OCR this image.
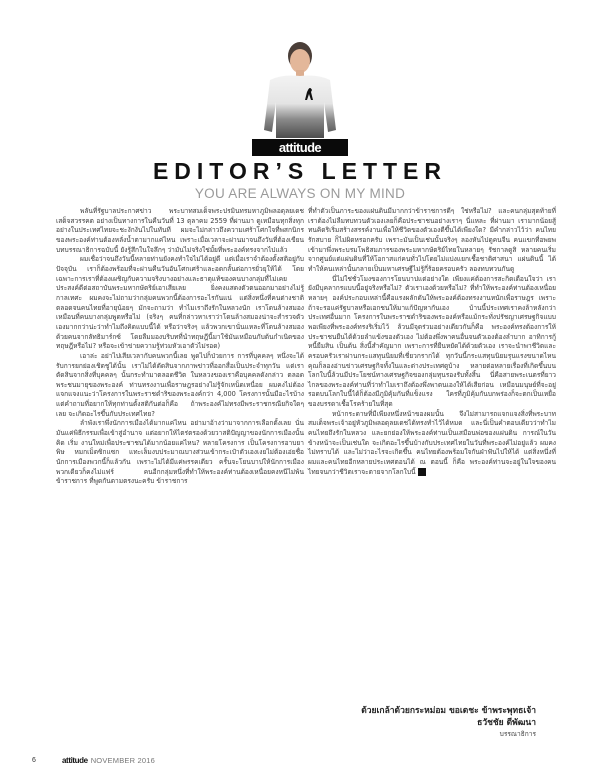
attitude
EDITOR’S LETTER
YOU ARE ALWAYS ON MY MIND

พลันที่รัฐบาลประกาศข่าว พระบาทสมเด็จพระปรมินทรมหาภูมิพลอดุลยเดช เสด็จสวรรคต อย่างเป็นทางการในคืนวันที่ 13 ตุลาคม 2559 ที่ผ่านมา ดูเหมือนทุกสิ่งทุกอย่างในประเทศไทยจะชะงักงันไปในทันที ผมจะไม่กล่าวถึงความเศร้าโศกใจที่พสกนิกรของพระองค์ท่านต้องหลั่งน้ำตามากแค่ไหน เพราะเมื่อเวลาจะผ่านมาจนถึงวันที่ต้องเขียนบทบรรณาธิการฉบับนี้ ยังรู้สึกในใจลึกๆ ว่ามันไม่จริงใช่มั้ยที่พระองค์ทรงจากไปแล้ว

ผมเชื่อว่าจนถึงวันนี้หลายท่านยังคงทำใจไม่ได้อยู่ดี แต่เมื่อเราจำต้องตั้งสติอยู่กับปัจจุบัน เราก็ต้องพร้อมที่จะผ่านคืนวันอันโศกเศร้าและอดกลั้นต่อการยั่วยุให้ได้ โดยเฉพาะการเราที่ต้องเผชิญกับความจริงบางอย่างและธาตุแท้ของคนบางกลุ่มที่ไม่เคยประสงค์ดีต่อสถาบันพระมหากษัตริย์เอาเสียเลย ยิ่งคงแสดงตัวตนออกมาอย่างไม่รู้กาลเทศะ ผมคงจะไม่ถามว่ากลุ่มคนพวกนี้ต้องการอะไรกันแน่ แต่สิ่งหนึ่งที่คนต่างชาติ ตลอดจนคนไทยที่อายุน้อยๆ มักจะถามว่า ทำไมเราถึงรักในหลวงนัก เราโดนล้างสมองเหมือนที่คนบางกลุ่มพูดหรือไม่ (จริงๆ คนที่กล่าวหาเราว่าโดนล้างสมองน่าจะสำรวจตัวเองมากกว่าน่ะว่าทำไมถึงคิดแบบนี้ได้ หรือว่าจริงๆ แล้วพวกเขานั่นแหละที่โดนล้างสมองด้วยคนจากลัทธิมาร์กซ์ โดยลืมมองบริบทที่นำทฤษฎีนี้มาใช้มันเหมือนกับต้นกำเนิดของทฤษฎีหรือไม่? หรือจะเข้าข่ายความรู้ท่วมหัวเอาตัวไม่รอด)

เอาล่ะ อย่าไปเสียเวลากับคนพวกนี้เลย พูดไปก็ป่วยการ การที่บุคคลๆ หนึ่งจะได้รับการยกย่องเชิดชูได้นั้น เราไม่ได้ตัดสินจากภาพข่าวที่ออกสื่อเป็นประจำทุกวัน แต่เราตัดสินจากสิ่งที่บุคคลๆ นั้นกระทำมาตลอดชีวิต ในหลวงของเราคือบุคคลดังกล่าว ตลอดพระชนมายุของพระองค์ ท่านทรงงานเพื่อราษฎรอย่างไม่รู้จักเหน็ดเหนื่อย ผมคงไม่ต้องแจกแจงแนะว่าโครงการในพระราชดำริของพระองค์กว่า 4,000 โครงการนั้นมีอะไรบ้าง แต่คำถามที่อยากให้ทุกท่านตั้งสติกันต่อก็คือ ถ้าพระองค์ไม่ทรงมีพระราชกรณียกิจใดๆ เลย จะเกิดอะไรขึ้นกับประเทศไทย?

ลำพังเราพึ่งนักการเมืองได้มากแค่ไหน อย่ามาอ้างว่ามาจากการเลือกตั้งเลย นั่นมันแค่พิธีกรรมเพื่อเข้าสู่อำนาจ แต่อยากให้ไตร่ตรองด้วยวาสติปัญญาของนักการเมืองนั้น คิด เริ่ม งานใหม่เพื่อประชาชนได้มากน้อยแค่ไหน? หลายโครงการ เป็นโครงการอาบยาพิษ หมกเม็ดซิกแซก แทะเล็มงบประมาณบางส่วนเข้ากระเป๋าตัวเองเงยไม่ต้องเอ่ยชื่อนักการเมืองพวกนี้ก็แล้วกัน เพราะไม่ได้มีแค่พรรคเดียว ครั้นจะโยนบาปให้นักการเมืองพวกเดียวก็คงไม่แฟร์ คนอีกกลุ่มหนึ่งที่ทำให้พระองค์ท่านต้องเหนื่อยคงหนีไม่พ้นข้าราชการ ที่พูดกันตามตรงนะครับ ข้าราชการ

ที่ทำตัวเป็นภาระของแผ่นดินมีมากกว่าข้าราชการดีๆ ใช่หรือไม่? และคนกลุ่มสุดท้ายที่เราต้องไม่ลืมทบทวนตัวเองเลยก็คือประชาชนอย่างเราๆ นี่แหละ ที่ผ่านมา เรามากน้อยสู้ทนคิดริเริ่มสร้างสรรค์งานเพื่อให้ชีวิตของตัวเองดีขึ้นได้เพียงใด? มีคำกล่าวไว้ว่า คนไทยรักสบาย ก็ไม่ผิดหรอกครับ เพราะมันเป็นเช่นนั้นจริงๆ ลองหันไปดูคนจีน คนแขกที่อพยพเข้ามาพึ่งพระบรมโพธิสมภารของพระมหากษัตริย์ไทยในหลายๆ รัชกาลดูสิ หลายคนเริ่มจากศูนย์แต่แผ่นดินที่ให้โอกาสแก่คนทั่วไปโดยไม่แบ่งแยกเชื้อชาติศาสนา แผ่นดินนี้ ได้ทำให้คนเหล่านั้นกลายเป็นมหาเศรษฐีไม่รู้กี่ร้อยครอบครัว ลองทบทวนกันดู

นี่ไม่ใช่ชั่วโมงของการโยนบาปแต่อย่างใด เพียงแค่ต้องการสะกิดเตือนใจว่า เรายังมีบุคลากรแบบนี้อยู่จริงหรือไม่? ตัวเราเองด้วยหรือไม่? ที่ทำให้พระองค์ท่านต้องเหนื่อย หลายๆ องค์ประกอบเหล่านี้คือแรงผลักดันให้พระองค์ต้องทรงงานหนักเพื่อราษฎร เพราะถ้าจะรอแค่รัฐบาลหรือเอกชนให้มาแก้ปัญหากันเอง บ้านนี้ประเทศเราคงล้าหลังกว่าประเทศอื่นมาก โครงการในพระราชดำริของพระองค์หรือแม้กระทั่งปรัชญาเศรษฐกิจแบบพอเพียงที่พระองค์ทรงริเริ่มไว้ ล้วนมีจุดร่วมอย่างเดียวกันก็คือ พระองค์ทรงต้องการให้ประชาชนยืนได้ด้วยลำแข้งของตัวเอง ไม่ต้องพึ่งพาคนอื่นจนตัวเองต้องลำบาก อาทิการกู้หนี้ยืมสิน เป็นต้น สิ่งนี้สำคัญมาก เพราะการที่ยืนหยัดได้ด้วยตัวเอง เราจะนำพาชีวิตและครอบครัวเราผ่านกระแสทุนนิยมที่เชี่ยวกรากได้ ทุกวันนี้กระแสทุนนิยมรุนแรงขนาดไหนคุณก็ลองอ่านข่าวเศรษฐกิจทั้งในและต่างประเทศดูบ้าง หลายต่อหลายเรื่องที่เกิดขึ้นบนโลกใบนี้ล้วนมีประโยชน์ทางเศรษฐกิจของกลุ่มทุนรองรับทั้งสิ้น นี่คือสายพระเนตรที่ยาวไกลของพระองค์ท่านที่ว่าทำไมเราถึงต้องพึ่งพาตนเองให้ได้เสียก่อน เหมือนมนุษย์ที่จะอยู่รอดบนโลกใบนี้ได้ก็ต้องมีภูมิคุ้มกันที่แข็งแรง ใครที่ภูมิคุ้มกันบกพร่องก็จะตกเป็นเหยื่อของบรรดาเชื้อโรคร้ายในที่สุด

หน้ากระดาษที่มีเพียงหนึ่งหน้าของผมนั้น จึงไม่สามารถแจกแจงสิ่งที่พระบาทสมเด็จพระเจ้าอยู่หัวภูมิพลอดุลยเดชได้ทรงทำไว้ได้หมด และนี่เป็นคำตอบเดียวว่าทำไมคนไทยถึงรักในหลวง และยกย่องให้พระองค์ท่านเป็นเสมือนพ่อของแผ่นดิน การณ์ในวันข้างหน้าจะเป็นเช่นใด จะเกิดอะไรขึ้นบ้างกับประเทศไทยในวันที่พระองค์ไม่อยู่แล้ว ผมคงไม่ทราบได้ และไม่ว่าอะไรจะเกิดขึ้น คนไทยต้องพร้อมใจกันฝ่าฟันไปให้ได้ แต่สิ่งหนึ่งที่ผมและคนไทยอีกหลายประเทศตอนได้ ณ ตอนนี้ ก็คือ พระองค์ท่านจะอยู่ในใจของคนไทยจนกว่าชีวิตเราจะตายจากโลกใบนี้	อ

ด้วยเกล้าด้วยกระหม่อม ขอเดชะ ข้าพระพุทธเจ้า
ธวัชชัย ดีพัฒนา
บรรณาธิการ
6	attitude NOVEMBER 2016
